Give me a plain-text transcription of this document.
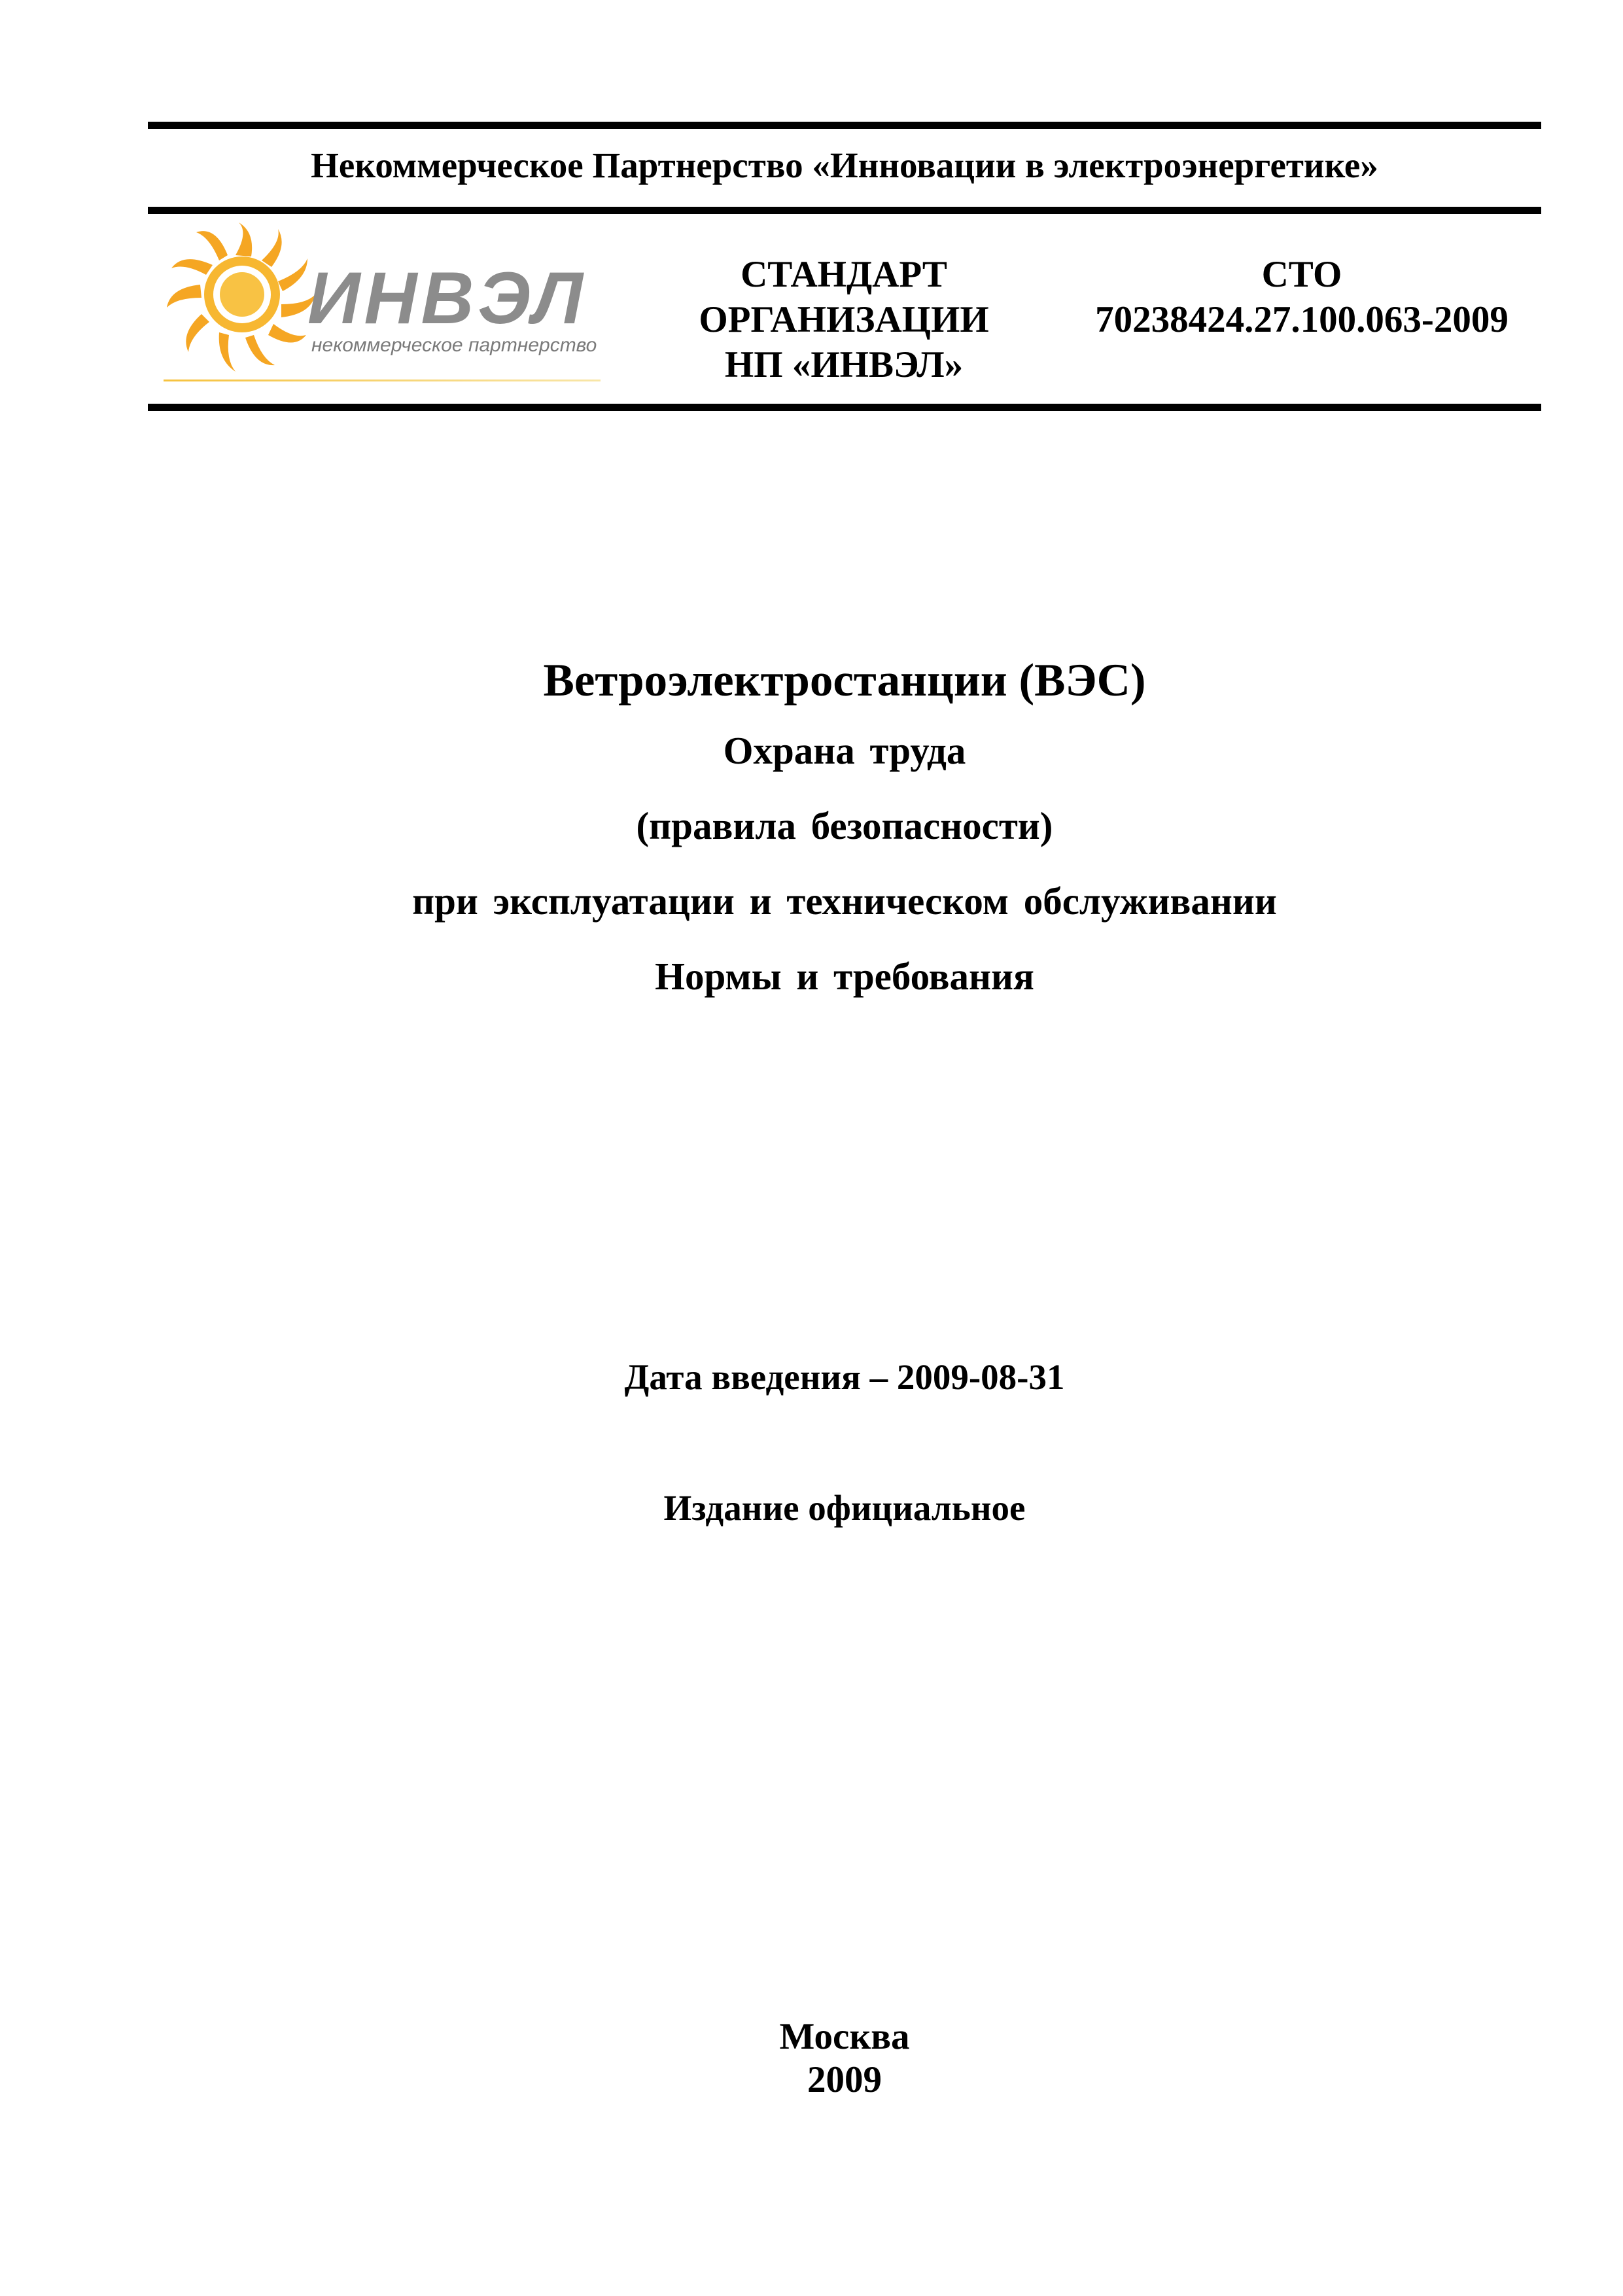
Некоммерческое Партнерство «Инновации в электроэнергетике»
ИНВЭЛ
некоммерческое партнерство
СТАНДАРТ
ОРГАНИЗАЦИИ
НП «ИНВЭЛ»
СТО
70238424.27.100.063-2009
Ветроэлектростанции (ВЭС)
Охрана труда
(правила безопасности)
при эксплуатации и техническом обслуживании
Нормы и требования
Дата введения – 2009-08-31
Издание официальное
Москва
2009
